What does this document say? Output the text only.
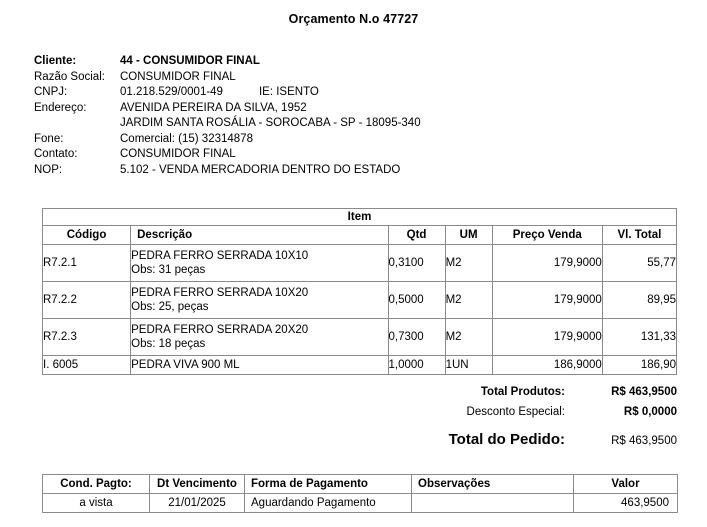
Orçamento N.o 47727
Cliente:	44 - CONSUMIDOR FINAL
Razão Social:	CONSUMIDOR FINAL
CNPJ:	01.218.529/0001-49	IE: ISENTO
Endereço:	AVENIDA PEREIRA DA SILVA, 1952
JARDIM SANTA ROSÁLIA - SOROCABA - SP - 18095-340
Fone:	Comercial: (15) 32314878
Contato:	CONSUMIDOR FINAL
NOP:	5.102 - VENDA MERCADORIA DENTRO DO ESTADO
Item					
Código	Descrição	Qtd	UM	Preço Venda	Vl. Total
R7.2.1	PEDRA FERRO SERRADA 10X10
Obs: 31 peças	0,3100	M2	179,9000	55,77
R7.2.2	PEDRA FERRO SERRADA 10X20
Obs: 25, peças	0,5000	M2	179,9000	89,95
R7.2.3	PEDRA FERRO SERRADA 20X20
Obs: 18 peças	0,7300	M2	179,9000	131,33
I. 6005	PEDRA VIVA 900 ML	1,0000	1UN	186,9000	186,90
Total Produtos:	R$ 463,9500
Desconto Especial:	R$ 0,0000
Total do Pedido:	R$ 463,9500
Cond. Pagto:	Dt Vencimento	Forma de Pagamento	Observações	Valor
a vista	21/01/2025	Aguardando Pagamento		463,9500
